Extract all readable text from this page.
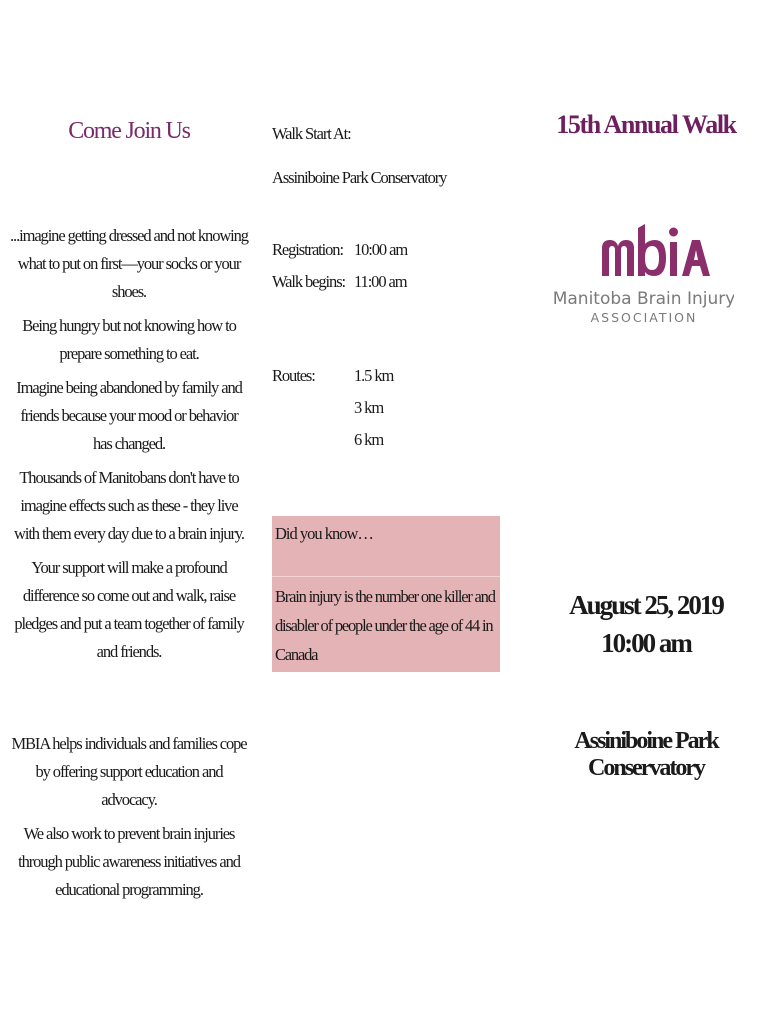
Come Join Us

...imagine getting dressed and not knowing what to put on first—your socks or your shoes.

Being hungry but not knowing how to prepare something to eat.

Imagine being abandoned by family and friends because your mood or behavior has changed.

Thousands of Manitobans don't have to imagine effects such as these - they live with them every day due to a brain injury.

Your support will make a profound difference so come out and walk, raise pledges and put a team together of family and friends.

MBIA helps individuals and families cope by offering support education and advocacy.

We also work to prevent brain injuries through public awareness initiatives and educational programming.

Walk Start At:
Assiniboine Park Conservatory
Registration: 10:00 am
Walk begins: 11:00 am
Routes: 1.5 km
3 km
6 km
Did you know…
Brain injury is the number one killer and disabler of people under the age of 44 in Canada
15th Annual Walk
Manitoba Brain Injury
ASSOCIATION
August 25, 2019
10:00 am
Assiniboine Park Conservatory
